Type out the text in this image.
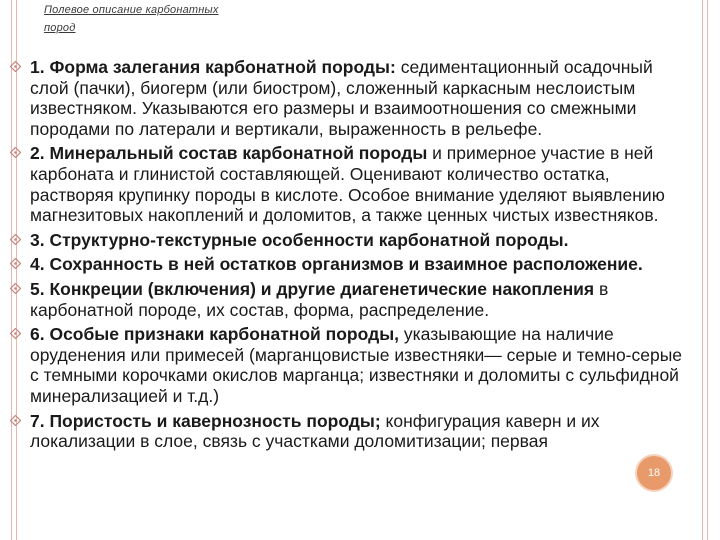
Полевое описание карбонатных
пород
1. Форма залегания карбонатной породы: седиментационный осадочный слой (пачки), биогерм (или биостром), сложенный каркасным неслоистым известняком. Указываются его размеры и взаимоотношения со смежными породами по латерали и вертикали, выраженность в рельефе.
2. Минеральный состав карбонатной породы и примерное участие в ней карбоната и глинистой составляющей. Оценивают количество остатка, растворяя крупинку породы в кислоте. Особое внимание уделяют выявлению магнезитовых накоплений и доломитов, а также ценных чистых известняков.
3. Структурно-текстурные особенности карбонатной породы.
4. Сохранность в ней остатков организмов и взаимное расположение.
5. Конкреции (включения) и другие диагенетические накопления в карбонатной породе, их состав, форма, распределение.
6. Особые признаки карбонатной породы, указывающие на наличие оруденения или примесей (марганцовистые известняки— серые и темно-серые с темными корочками окислов марганца; известняки и доломиты с сульфидной минерализацией и т.д.)
7. Пористость и кавернозность породы; конфигурация каверн и их локализации в слое, связь с участками доломитизации; первая
18
